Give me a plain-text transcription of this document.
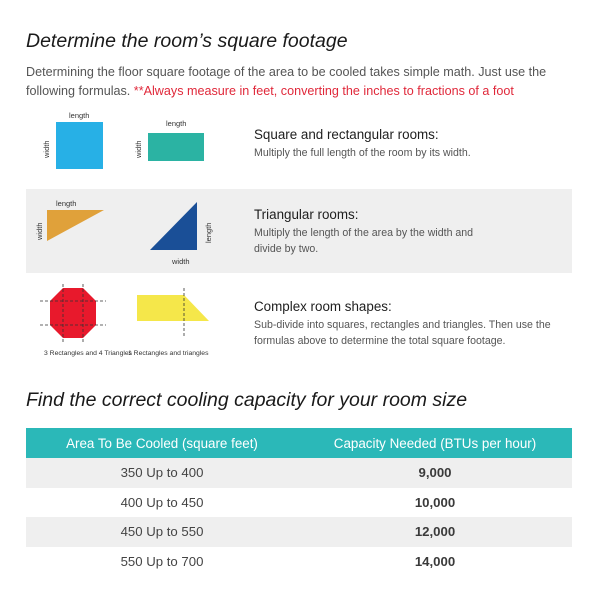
Determine the room’s square footage
Determining the floor square footage of the area to be cooled takes simple math. Just use the following formulas. **Always measure in feet, converting the inches to fractions of a foot
length
width
length
width
Square and rectangular rooms:
Multiply the full length of the room by its width.
length
width	length
width
Triangular rooms:
Multiply the length of the area by the width and divide by two.
3 Rectangles and 4 Triangles
1 Rectangles and triangles
Complex room shapes:
Sub-divide into squares, rectangles and triangles. Then use the formulas above to determine the total square footage.
Find the correct cooling capacity for your room size
Area To Be Cooled (square feet)	Capacity Needed (BTUs per hour)
350 Up to 400	9,000
400 Up to 450	10,000
450 Up to 550	12,000
550 Up to 700	14,000
